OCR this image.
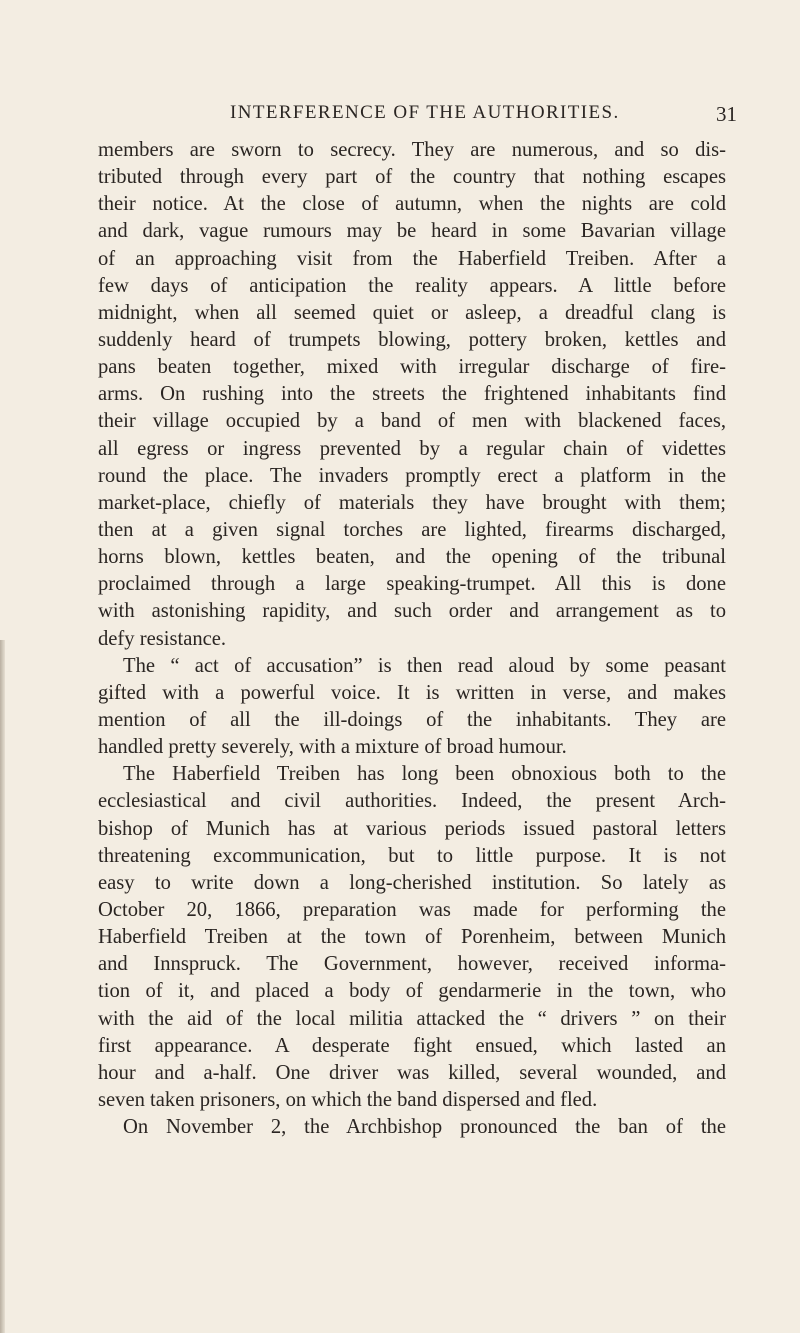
INTERFERENCE OF THE AUTHORITIES.	31
members are sworn to secrecy. They are numerous, and so dis-
tributed through every part of the country that nothing escapes
their notice. At the close of autumn, when the nights are cold
and dark, vague rumours may be heard in some Bavarian village
of an approaching visit from the Haberfield Treiben. After a
few days of anticipation the reality appears. A little before
midnight, when all seemed quiet or asleep, a dreadful clang is
suddenly heard of trumpets blowing, pottery broken, kettles and
pans beaten together, mixed with irregular discharge of fire-
arms. On rushing into the streets the frightened inhabitants find
their village occupied by a band of men with blackened faces,
all egress or ingress prevented by a regular chain of videttes
round the place. The invaders promptly erect a platform in the
market-place, chiefly of materials they have brought with them;
then at a given signal torches are lighted, firearms discharged,
horns blown, kettles beaten, and the opening of the tribunal
proclaimed through a large speaking-trumpet. All this is done
with astonishing rapidity, and such order and arrangement as to
defy resistance.
The “ act of accusation” is then read aloud by some peasant
gifted with a powerful voice. It is written in verse, and makes
mention of all the ill-doings of the inhabitants. They are
handled pretty severely, with a mixture of broad humour.
The Haberfield Treiben has long been obnoxious both to the
ecclesiastical and civil authorities. Indeed, the present Arch-
bishop of Munich has at various periods issued pastoral letters
threatening excommunication, but to little purpose. It is not
easy to write down a long-cherished institution. So lately as
October 20, 1866, preparation was made for performing the
Haberfield Treiben at the town of Porenheim, between Munich
and Innspruck. The Government, however, received informa-
tion of it, and placed a body of gendarmerie in the town, who
with the aid of the local militia attacked the “ drivers ” on their
first appearance. A desperate fight ensued, which lasted an
hour and a-half. One driver was killed, several wounded, and
seven taken prisoners, on which the band dispersed and fled.
On November 2, the Archbishop pronounced the ban of the
